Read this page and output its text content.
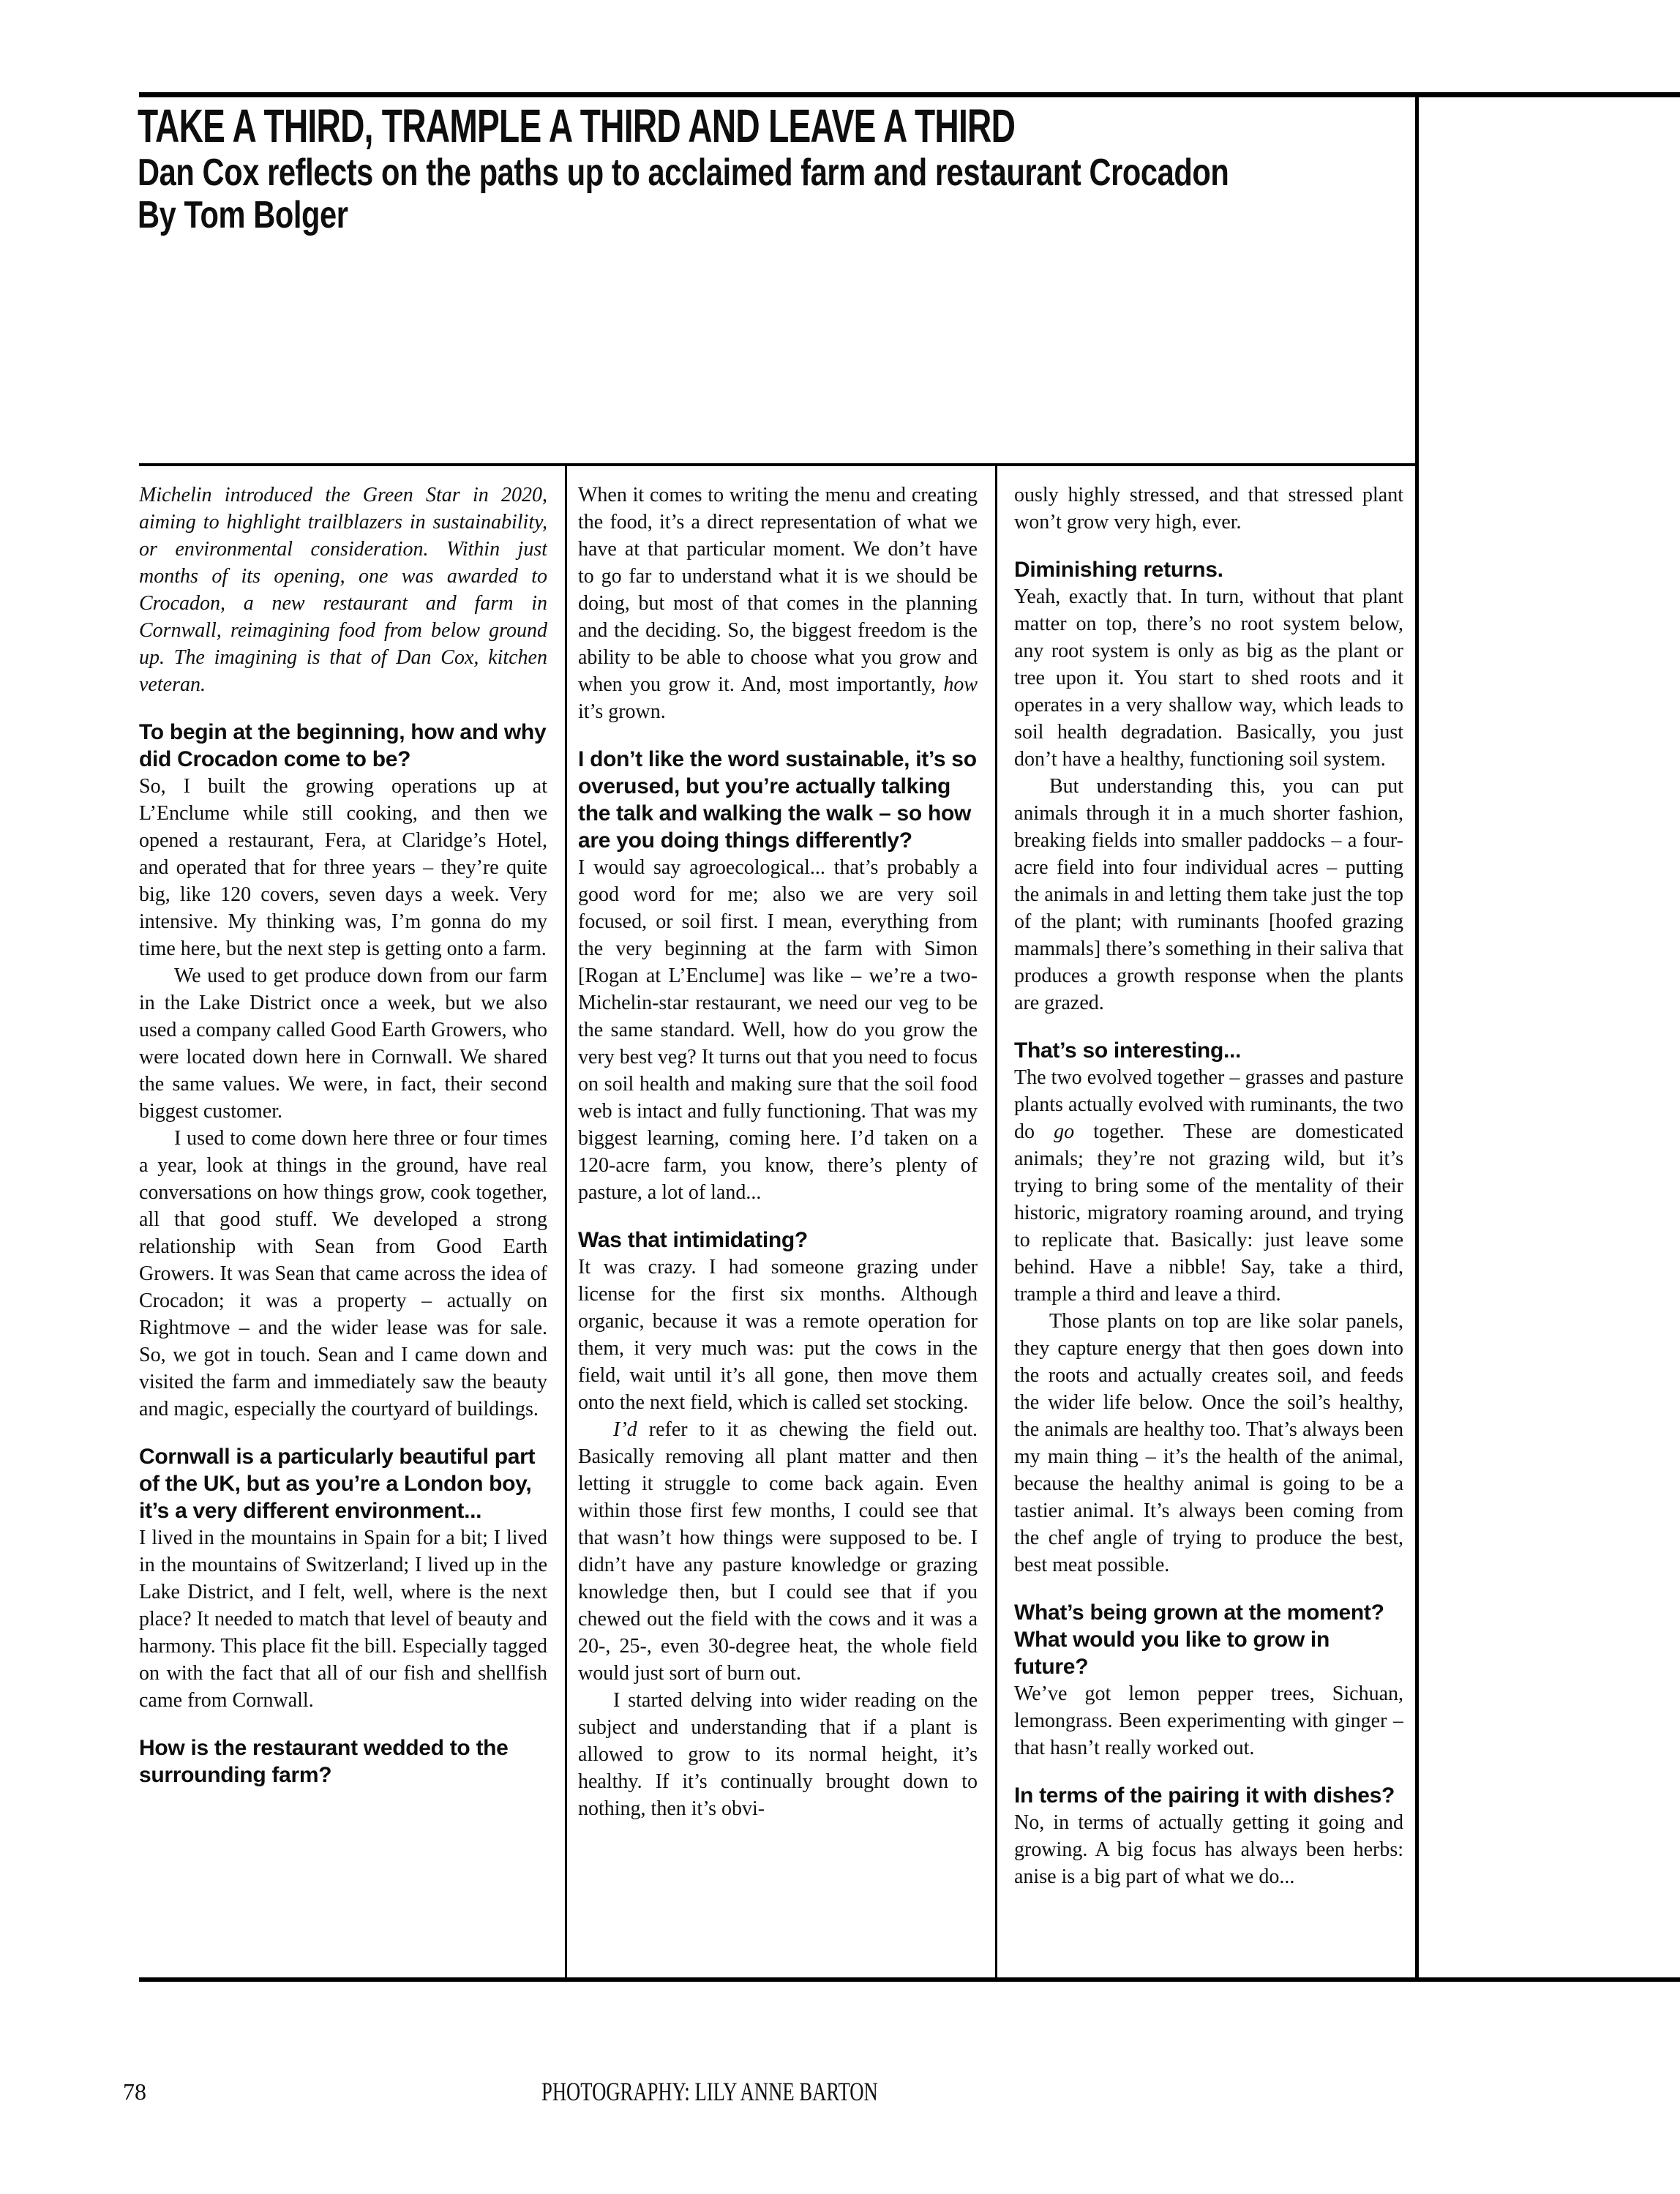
TAKE A THIRD, TRAMPLE A THIRD AND LEAVE A THIRD
Dan Cox reflects on the paths up to acclaimed farm and restaurant Crocadon
By Tom Bolger

Michelin introduced the Green Star in 2020, aiming to highlight trailblazers in sustainability, or environmental consideration. Within just months of its opening, one was awarded to Crocadon, a new restaurant and farm in Cornwall, reimagining food from below ground up. The imagining is that of Dan Cox, kitchen veteran.

To begin at the beginning, how and why did Crocadon come to be?

So, I built the growing operations up at L’Enclume while still cooking, and then we opened a restaurant, Fera, at Claridge’s Hotel, and operated that for three years – they’re quite big, like 120 covers, seven days a week. Very intensive. My thinking was, I’m gonna do my time here, but the next step is getting onto a farm.

We used to get produce down from our farm in the Lake District once a week, but we also used a company called Good Earth Growers, who were located down here in Cornwall. We shared the same values. We were, in fact, their second biggest customer.

I used to come down here three or four times a year, look at things in the ground, have real conversations on how things grow, cook together, all that good stuff. We developed a strong relationship with Sean from Good Earth Growers. It was Sean that came across the idea of Crocadon; it was a property – actually on Rightmove – and the wider lease was for sale. So, we got in touch. Sean and I came down and visited the farm and immediately saw the beauty and magic, especially the courtyard of buildings.

Cornwall is a particularly beautiful part of the UK, but as you’re a London boy, it’s a very different environment...

I lived in the mountains in Spain for a bit; I lived in the mountains of Switzerland; I lived up in the Lake District, and I felt, well, where is the next place? It needed to match that level of beauty and harmony. This place fit the bill. Especially tagged on with the fact that all of our fish and shellfish came from Cornwall.

How is the restaurant wedded to the surrounding farm?

When it comes to writing the menu and creating the food, it’s a direct representation of what we have at that particular moment. We don’t have to go far to understand what it is we should be doing, but most of that comes in the planning and the deciding. So, the biggest freedom is the ability to be able to choose what you grow and when you grow it. And, most importantly, how it’s grown.

I don’t like the word sustainable, it’s so overused, but you’re actually talking the talk and walking the walk – so how are you doing things differently?

I would say agroecological... that’s probably a good word for me; also we are very soil focused, or soil first. I mean, everything from the very beginning at the farm with Simon [Rogan at L’Enclume] was like – we’re a two-Michelin-star restaurant, we need our veg to be the same standard. Well, how do you grow the very best veg? It turns out that you need to focus on soil health and making sure that the soil food web is intact and fully functioning. That was my biggest learning, coming here. I’d taken on a 120-acre farm, you know, there’s plenty of pasture, a lot of land...

Was that intimidating?

It was crazy. I had someone grazing under license for the first six months. Although organic, because it was a remote operation for them, it very much was: put the cows in the field, wait until it’s all gone, then move them onto the next field, which is called set stocking.

I’d refer to it as chewing the field out. Basically removing all plant matter and then letting it struggle to come back again. Even within those first few months, I could see that that wasn’t how things were supposed to be. I didn’t have any pasture knowledge or grazing knowledge then, but I could see that if you chewed out the field with the cows and it was a 20-, 25-, even 30-degree heat, the whole field would just sort of burn out.

I started delving into wider reading on the subject and understanding that if a plant is allowed to grow to its normal height, it’s healthy. If it’s continually brought down to nothing, then it’s obvi-

ously highly stressed, and that stressed plant won’t grow very high, ever.

Diminishing returns.

Yeah, exactly that. In turn, without that plant matter on top, there’s no root system below, any root system is only as big as the plant or tree upon it. You start to shed roots and it operates in a very shallow way, which leads to soil health degradation. Basically, you just don’t have a healthy, functioning soil system.

But understanding this, you can put animals through it in a much shorter fashion, breaking fields into smaller paddocks – a four-acre field into four individual acres – putting the animals in and letting them take just the top of the plant; with ruminants [hoofed grazing mammals] there’s something in their saliva that produces a growth response when the plants are grazed.

That’s so interesting...

The two evolved together – grasses and pasture plants actually evolved with ruminants, the two do go together. These are domesticated animals; they’re not grazing wild, but it’s trying to bring some of the mentality of their historic, migratory roaming around, and trying to replicate that. Basically: just leave some behind. Have a nibble! Say, take a third, trample a third and leave a third.

Those plants on top are like solar panels, they capture energy that then goes down into the roots and actually creates soil, and feeds the wider life below. Once the soil’s healthy, the animals are healthy too. That’s always been my main thing – it’s the health of the animal, because the healthy animal is going to be a tastier animal. It’s always been coming from the chef angle of trying to produce the best, best meat possible.

What’s being grown at the moment? What would you like to grow in future?

We’ve got lemon pepper trees, Sichuan, lemongrass. Been experimenting with ginger – that hasn’t really worked out.

In terms of the pairing it with dishes?

No, in terms of actually getting it going and growing. A big focus has always been herbs: anise is a big part of what we do...

78	PHOTOGRAPHY: LILY ANNE BARTON
